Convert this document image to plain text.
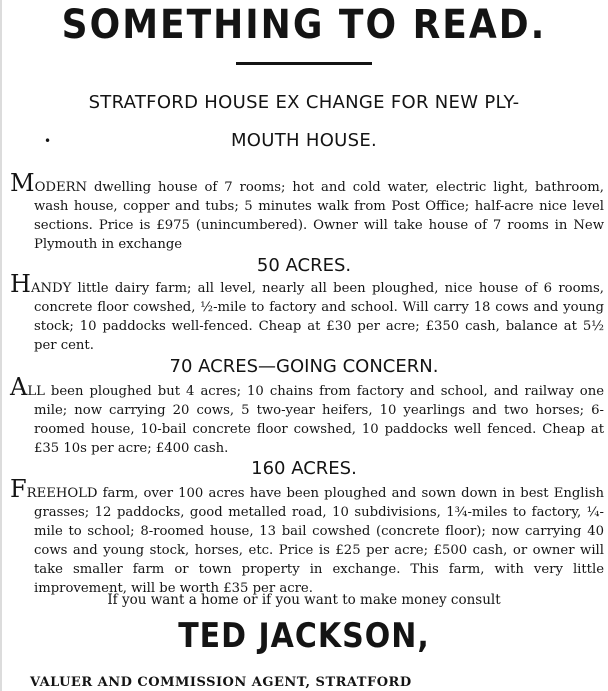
SOMETHING TO READ.
STRATFORD HOUSE EX CHANGE FOR NEW PLY-
•	MOUTH HOUSE.
MODERN dwelling house of 7 rooms; hot and cold water, electric light, bathroom, wash house, copper and tubs; 5 minutes walk from Post Office; half-acre nice level sections. Price is £975 (unincumbered). Owner will take house of 7 rooms in New Plymouth in exchange
50 ACRES.
HANDY little dairy farm; all level, nearly all been ploughed, nice house of 6 rooms, concrete floor cowshed, ½-mile to factory and school. Will carry 18 cows and young stock; 10 paddocks well-fenced. Cheap at £30 per acre; £350 cash, balance at 5½ per cent.
70 ACRES—GOING CONCERN.
ALL been ploughed but 4 acres; 10 chains from factory and school, and railway one mile; now carrying 20 cows, 5 two-year heifers, 10 yearlings and two horses; 6-roomed house, 10-bail concrete floor cowshed, 10 paddocks well fenced. Cheap at £35 10s per acre; £400 cash.
160 ACRES.
FREEHOLD farm, over 100 acres have been ploughed and sown down in best English grasses; 12 paddocks, good metalled road, 10 subdivisions, 1¾-miles to factory, ¼-mile to school; 8-roomed house, 13 bail cowshed (concrete floor); now carrying 40 cows and young stock, horses, etc. Price is £25 per acre; £500 cash, or owner will take smaller farm or town property in exchange. This farm, with very little improvement, will be worth £35 per acre.
If you want a home or if you want to make money consult
TED JACKSON,
VALUER AND COMMISSION AGENT, STRATFORD
